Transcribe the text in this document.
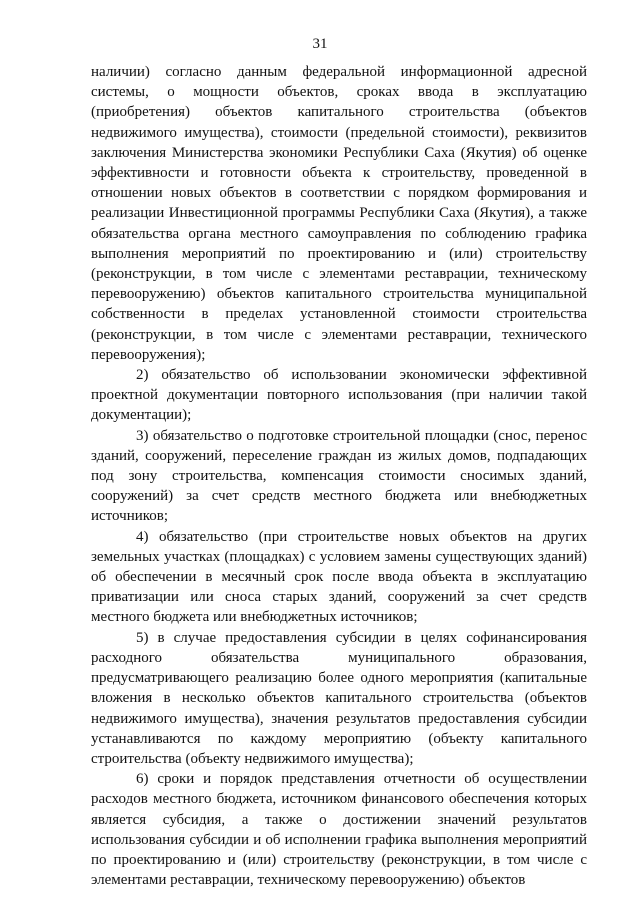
31

наличии) согласно данным федеральной информационной адресной системы, о мощности объектов, сроках ввода в эксплуатацию (приобретения) объектов капитального строительства (объектов недвижимого имущества), стоимости (предельной стоимости), реквизитов заключения Министерства экономики Республики Саха (Якутия) об оценке эффективности и готовности объекта к строительству, проведенной в отношении новых объектов в соответствии с порядком формирования и реализации Инвестиционной программы Республики Саха (Якутия), а также обязательства органа местного самоуправления по соблюдению графика выполнения мероприятий по проектированию и (или) строительству (реконструкции, в том числе с элементами реставрации, техническому перевооружению) объектов капитального строительства муниципальной собственности в пределах установленной стоимости строительства (реконструкции, в том числе с элементами реставрации, технического перевооружения);

2) обязательство об использовании экономически эффективной проектной документации повторного использования (при наличии такой документации);

3) обязательство о подготовке строительной площадки (снос, перенос зданий, сооружений, переселение граждан из жилых домов, подпадающих под зону строительства, компенсация стоимости сносимых зданий, сооружений) за счет средств местного бюджета или внебюджетных источников;

4) обязательство (при строительстве новых объектов на других земельных участках (площадках) с условием замены существующих зданий) об обеспечении в месячный срок после ввода объекта в эксплуатацию приватизации или сноса старых зданий, сооружений за счет средств местного бюджета или внебюджетных источников;

5) в случае предоставления субсидии в целях софинансирования расходного обязательства муниципального образования, предусматривающего реализацию более одного мероприятия (капитальные вложения в несколько объектов капитального строительства (объектов недвижимого имущества), значения результатов предоставления субсидии устанавливаются по каждому мероприятию (объекту капитального строительства (объекту недвижимого имущества);

6) сроки и порядок представления отчетности об осуществлении расходов местного бюджета, источником финансового обеспечения которых является субсидия, а также о достижении значений результатов использования субсидии и об исполнении графика выполнения мероприятий по проектированию и (или) строительству (реконструкции, в том числе с элементами реставрации, техническому перевооружению) объектов
